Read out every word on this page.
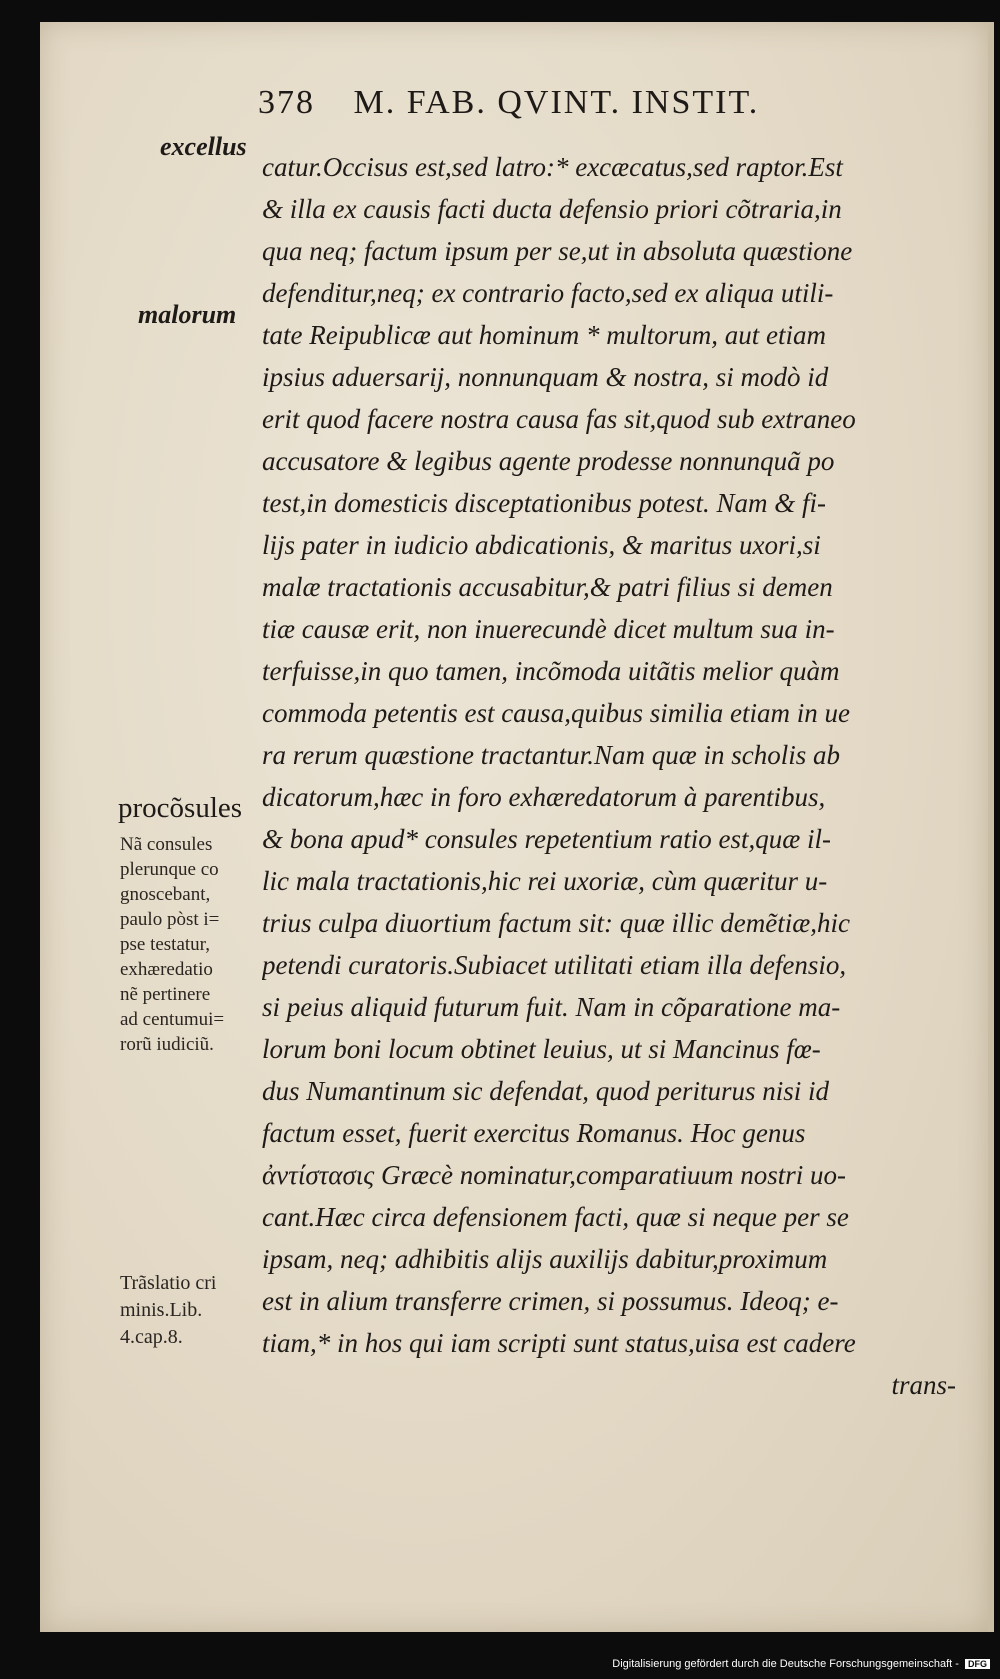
378 M. FAB. QVINT. INSTIT.
excellus
malorum
procõsules
Nã consules
plerunque co
gnoscebant,
paulo pòst i=
pse testatur,
exhæredatio
nẽ pertinere
ad centumui=
rorũ iudiciũ.
Trãslatio cri
minis.Lib.
4.cap.8.
catur.Occisus est,sed latro:* excæcatus,sed raptor.Est
& illa ex causis facti ducta defensio priori cõtraria,in
qua neq; factum ipsum per se,ut in absoluta quæstione
defenditur,neq; ex contrario facto,sed ex aliqua utili-
tate Reipublicæ aut hominum * multorum, aut etiam
ipsius aduersarij, nonnunquam & nostra, si modò id
erit quod facere nostra causa fas sit,quod sub extraneo
accusatore & legibus agente prodesse nonnunquã po
test,in domesticis disceptationibus potest. Nam & fi-
lijs pater in iudicio abdicationis, & maritus uxori,si
malæ tractationis accusabitur,& patri filius si demen
tiæ causæ erit, non inuerecundè dicet multum sua in-
terfuisse,in quo tamen, incõmoda uitãtis melior quàm
commoda petentis est causa,quibus similia etiam in ue
ra rerum quæstione tractantur.Nam quæ in scholis ab
dicatorum,hæc in foro exhæredatorum à parentibus,
& bona apud* consules repetentium ratio est,quæ il-
lic mala tractationis,hic rei uxoriæ, cùm quæritur u-
trius culpa diuortium factum sit: quæ illic demẽtiæ,hic
petendi curatoris.Subiacet utilitati etiam illa defensio,
si peius aliquid futurum fuit. Nam in cõparatione ma-
lorum boni locum obtinet leuius, ut si Mancinus fœ-
dus Numantinum sic defendat, quod periturus nisi id
factum esset, fuerit exercitus Romanus. Hoc genus
ἀντίστασις Græcè nominatur,comparatiuum nostri uo-
cant.Hæc circa defensionem facti, quæ si neque per se
ipsam, neq; adhibitis alijs auxilijs dabitur,proximum
est in alium transferre crimen, si possumus. Ideoq; e-
tiam,* in hos qui iam scripti sunt status,uisa est cadere
trans-
Digitalisierung gefördert durch die Deutsche Forschungsgemeinschaft - DFG
